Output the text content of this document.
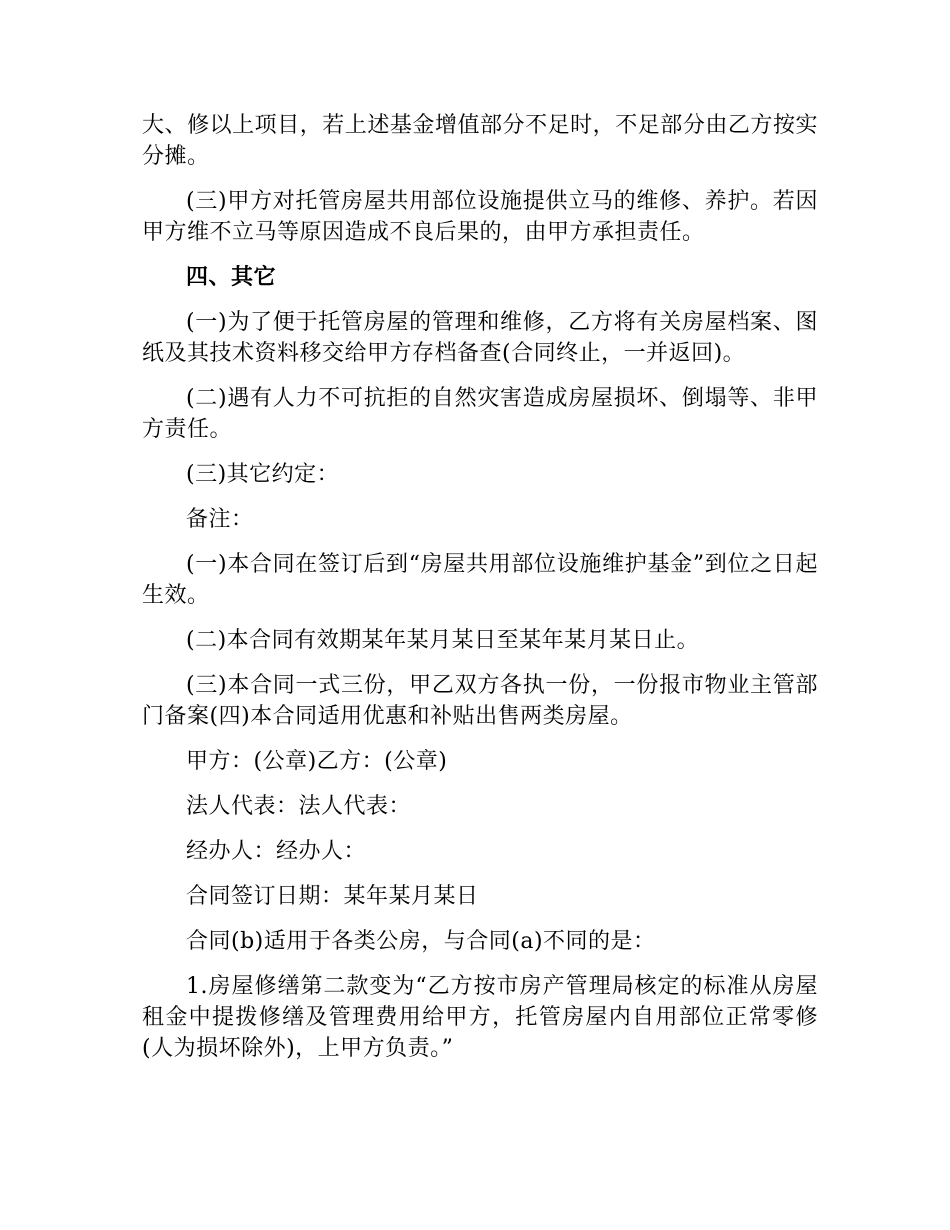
大、修以上项目，若上述基金增值部分不足时，不足部分由乙方按实分摊。

(三)甲方对托管房屋共用部位设施提供立马的维修、养护。若因甲方维不立马等原因造成不良后果的，由甲方承担责任。

四、其它

(一)为了便于托管房屋的管理和维修，乙方将有关房屋档案、图纸及其技术资料移交给甲方存档备查(合同终止，一并返回)。

(二)遇有人力不可抗拒的自然灾害造成房屋损坏、倒塌等、非甲方责任。

(三)其它约定：

备注：

(一)本合同在签订后到“房屋共用部位设施维护基金”到位之日起生效。

(二)本合同有效期某年某月某日至某年某月某日止。

(三)本合同一式三份，甲乙双方各执一份，一份报市物业主管部门备案(四)本合同适用优惠和补贴出售两类房屋。

甲方：(公章)乙方：(公章)

法人代表：法人代表：

经办人：经办人：

合同签订日期：某年某月某日

合同(b)适用于各类公房，与合同(a)不同的是：

1.房屋修缮第二款变为“乙方按市房产管理局核定的标准从房屋租金中提拨修缮及管理费用给甲方，托管房屋内自用部位正常零修(人为损坏除外)，上甲方负责。”
